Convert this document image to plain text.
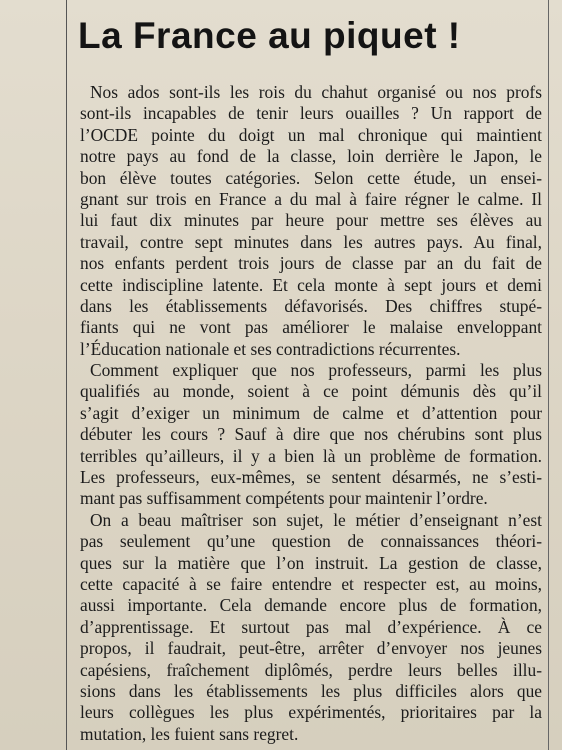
La France au piquet !

Nos ados sont-ils les rois du chahut organisé ou nos profs
sont-ils incapables de tenir leurs ouailles ? Un rapport de
l’OCDE pointe du doigt un mal chronique qui maintient
notre pays au fond de la classe, loin derrière le Japon, le
bon élève toutes catégories. Selon cette étude, un ensei-
gnant sur trois en France a du mal à faire régner le calme. Il
lui faut dix minutes par heure pour mettre ses élèves au
travail, contre sept minutes dans les autres pays. Au final,
nos enfants perdent trois jours de classe par an du fait de
cette indiscipline latente. Et cela monte à sept jours et demi
dans les établissements défavorisés. Des chiffres stupé-
fiants qui ne vont pas améliorer le malaise enveloppant
l’Éducation nationale et ses contradictions récurrentes.

Comment expliquer que nos professeurs, parmi les plus
qualifiés au monde, soient à ce point démunis dès qu’il
s’agit d’exiger un minimum de calme et d’attention pour
débuter les cours ? Sauf à dire que nos chérubins sont plus
terribles qu’ailleurs, il y a bien là un problème de formation.
Les professeurs, eux-mêmes, se sentent désarmés, ne s’esti-
mant pas suffisamment compétents pour maintenir l’ordre.

On a beau maîtriser son sujet, le métier d’enseignant n’est
pas seulement qu’une question de connaissances théori-
ques sur la matière que l’on instruit. La gestion de classe,
cette capacité à se faire entendre et respecter est, au moins,
aussi importante. Cela demande encore plus de formation,
d’apprentissage. Et surtout pas mal d’expérience. À ce
propos, il faudrait, peut-être, arrêter d’envoyer nos jeunes
capésiens, fraîchement diplômés, perdre leurs belles illu-
sions dans les établissements les plus difficiles alors que
leurs collègues les plus expérimentés, prioritaires par la
mutation, les fuient sans regret.
